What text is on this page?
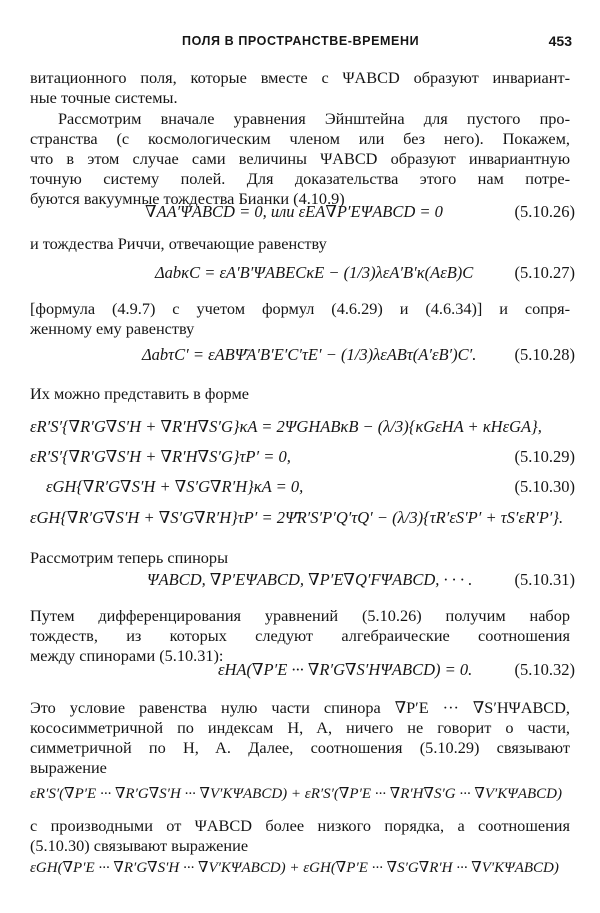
ПОЛЯ В ПРОСТРАНСТВЕ-ВРЕМЕНИ	453
витационного поля, которые вместе с ΨABCD образуют инвариант-
ные точные системы.
Рассмотрим вначале уравнения Эйнштейна для пустого про-
странства (с космологическим членом или без него). Покажем,
что в этом случае сами величины ΨABCD образуют инвариантную
точную систему полей. Для доказательства этого нам потре-
буются вакуумные тождества Бианки (4.10.9)
∇AA′ΨABCD = 0, или εEA∇P′EΨABCD = 0	(5.10.26)
и тождества Риччи, отвечающие равенству
ΔabκC = εA′B′ΨABECκE − (1/3)λεA′B′κ(AεB)C (5.10.27)
[формула (4.9.7) с учетом формул (4.6.29) и (4.6.34)] и сопря-
женному ему равенству
ΔabτC′ = εABΨ̄A′B′E′C′τE′ − (1/3)λεABτ(A′εB′)C′. (5.10.28)
Их можно представить в форме
εR′S′{∇R′G∇S′H + ∇R′H∇S′G}κA = 2ΨGHABκB − (λ/3){κGεHA + κHεGA},
εR′S′{∇R′G∇S′H + ∇R′H∇S′G}τP′ = 0,	(5.10.29)
εGH{∇R′G∇S′H + ∇S′G∇R′H}κA = 0,	(5.10.30)
εGH{∇R′G∇S′H + ∇S′G∇R′H}τP′ = 2Ψ̄R′S′P′Q′τQ′ − (λ/3){τR′εS′P′ + τS′εR′P′}.
Рассмотрим теперь спиноры
ΨABCD, ∇P′EΨABCD, ∇P′E∇Q′FΨABCD, · · · .	(5.10.31)
Путем дифференцирования уравнений (5.10.26) получим набор
тождеств, из которых следуют алгебраические соотношения
между спинорами (5.10.31):
εHA(∇P′E ··· ∇R′G∇S′HΨABCD) = 0.	(5.10.32)
Это условие равенства нулю части спинора ∇P′E ··· ∇S′HΨABCD,
кососимметричной по индексам H, A, ничего не говорит о части,
симметричной по H, A. Далее, соотношения (5.10.29) связывают
выражение
εR′S′(∇P′E ··· ∇R′G∇S′H ··· ∇V′KΨABCD) + εR′S′(∇P′E ··· ∇R′H∇S′G ··· ∇V′KΨABCD)
с производными от ΨABCD более низкого порядка, а соотношения
(5.10.30) связывают выражение
εGH(∇P′E ··· ∇R′G∇S′H ··· ∇V′KΨABCD) + εGH(∇P′E ··· ∇S′G∇R′H ··· ∇V′KΨABCD)
